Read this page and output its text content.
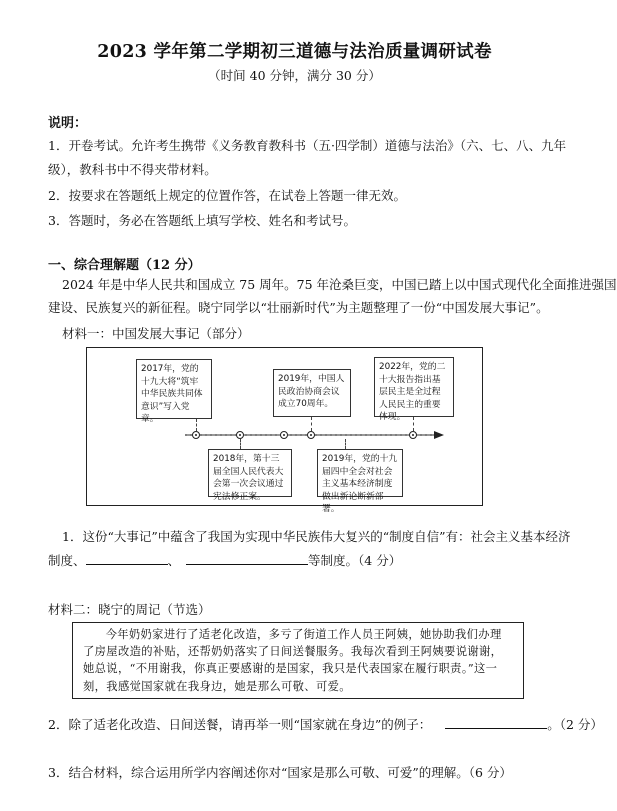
2023 学年第二学期初三道德与法治质量调研试卷
（时间 40 分钟，满分 30 分）
说明：
1．开卷考试。允许考生携带《义务教育教科书（五·四学制）道德与法治》（六、七、八、九年
级），教科书中不得夹带材料。
2．按要求在答题纸上规定的位置作答，在试卷上答题一律无效。
3．答题时，务必在答题纸上填写学校、姓名和考试号。
一、综合理解题（12 分）
2024 年是中华人民共和国成立 75 周年。75 年沧桑巨变，中国已踏上以中国式现代化全面推进强国
建设、民族复兴的新征程。晓宁同学以“壮丽新时代”为主题整理了一份“中国发展大事记”。
材料一：中国发展大事记（部分）
2017年，党的十九大将“筑牢中华民族共同体意识”写入党章。
2019年，中国人民政治协商会议成立70周年。
2022年，党的二十大报告指出基层民主是全过程人民民主的重要体现。
2018年，第十三届全国人民代表大会第一次会议通过宪法修正案。
2019年，党的十九届四中全会对社会主义基本经济制度做出新论断新部署。
1．这份“大事记”中蕴含了我国为实现中华民族伟大复兴的“制度自信”有：社会主义基本经济
制度、	、	等制度。（4 分）
材料二：晓宁的周记（节选）
今年奶奶家进行了适老化改造，多亏了街道工作人员王阿姨，她协助我们办理了房屋改造的补贴，还帮奶奶落实了日间送餐服务。我每次看到王阿姨要说谢谢，她总说，“不用谢我，你真正要感谢的是国家，我只是代表国家在履行职责。”这一刻，我感觉国家就在我身边，她是那么可敬、可爱。
2．除了适老化改造、日间送餐，请再举一则“国家就在身边”的例子：	。（2 分）
3．结合材料，综合运用所学内容阐述你对“国家是那么可敬、可爱”的理解。（6 分）
